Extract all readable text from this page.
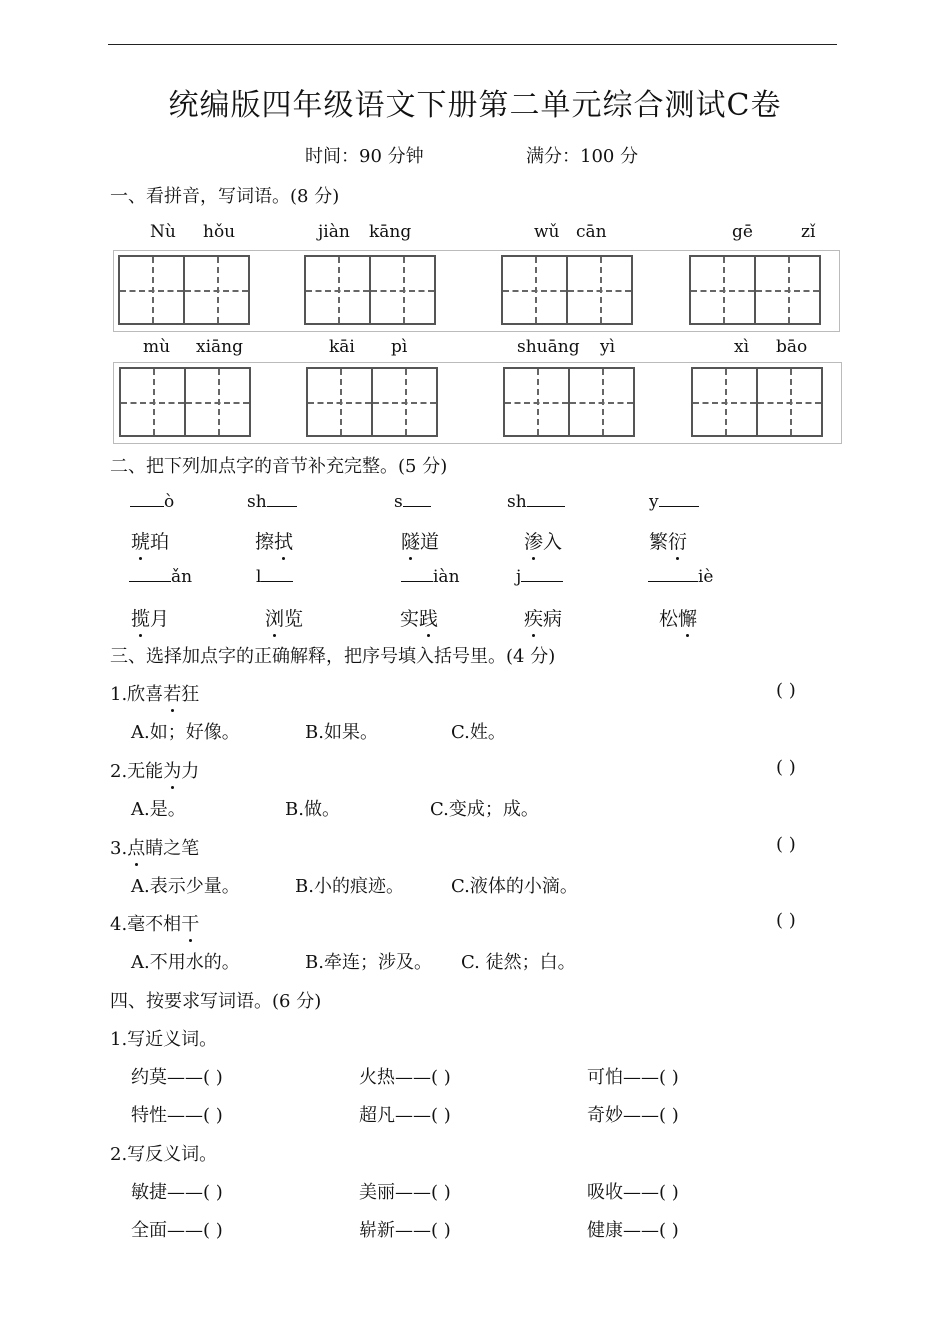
统编版四年级语文下册第二单元综合测试C卷
时间：90 分钟	满分：100 分
一、看拼音，写词语。(8 分)
Nù hǒu	jiàn kāng	wǔ cān	gē	zǐ
mù xiāng	kāi pì	shuāng yì	xì bāo
二、把下列加点字的音节补充完整。(5 分)
ò	sh	s	sh	y
琥珀	擦拭	隧道	渗入	繁衍
ǎn	l	iàn	j	iè
揽月	浏览	实践	疾病	松懈
三、选择加点字的正确解释，把序号填入括号里。(4 分)
1.欣喜若狂	( )
A.如；好像。	B.如果。	C.姓。
2.无能为力	( )
A.是。	B.做。	C.变成；成。
3.点睛之笔	( )
A.表示少量。	B.小的痕迹。	C.液体的小滴。
4.毫不相干	( )
A.不用水的。	B.牵连；涉及。 C. 徒然；白。
四、按要求写词语。(6 分)
1.写近义词。
约莫——( )	火热——( )	可怕——( )
特性——( )	超凡——( )	奇妙——( )
2.写反义词。
敏捷——( )	美丽——( )	吸收——( )
全面——( )	崭新——( )	健康——( )
